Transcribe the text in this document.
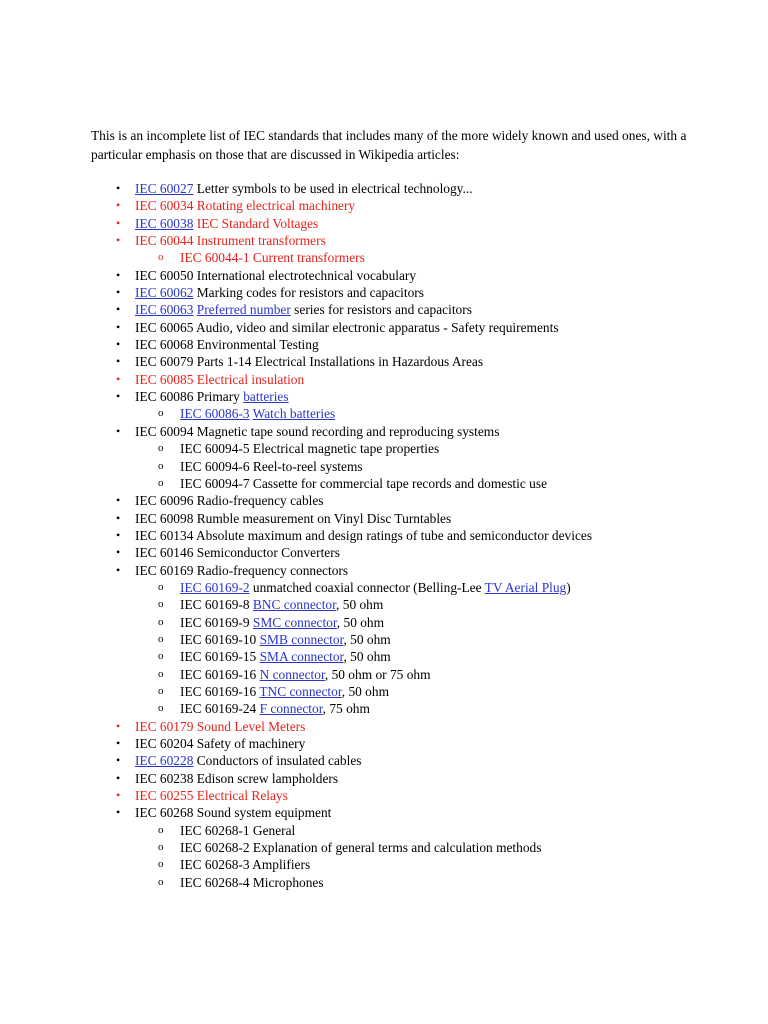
This is an incomplete list of IEC standards that includes many of the more widely known and used ones, with a particular emphasis on those that are discussed in Wikipedia articles:

• IEC 60027 Letter symbols to be used in electrical technology...
• IEC 60034 Rotating electrical machinery
• IEC 60038 IEC Standard Voltages
• IEC 60044 Instrument transformers
o IEC 60044-1 Current transformers
• IEC 60050 International electrotechnical vocabulary
• IEC 60062 Marking codes for resistors and capacitors
• IEC 60063 Preferred number series for resistors and capacitors
• IEC 60065 Audio, video and similar electronic apparatus - Safety requirements
• IEC 60068 Environmental Testing
• IEC 60079 Parts 1-14 Electrical Installations in Hazardous Areas
• IEC 60085 Electrical insulation
• IEC 60086 Primary batteries
o IEC 60086-3 Watch batteries
• IEC 60094 Magnetic tape sound recording and reproducing systems
o IEC 60094-5 Electrical magnetic tape properties
o IEC 60094-6 Reel-to-reel systems
o IEC 60094-7 Cassette for commercial tape records and domestic use
• IEC 60096 Radio-frequency cables
• IEC 60098 Rumble measurement on Vinyl Disc Turntables
• IEC 60134 Absolute maximum and design ratings of tube and semiconductor devices
• IEC 60146 Semiconductor Converters
• IEC 60169 Radio-frequency connectors
o IEC 60169-2 unmatched coaxial connector (Belling-Lee TV Aerial Plug)
o IEC 60169-8 BNC connector, 50 ohm
o IEC 60169-9 SMC connector, 50 ohm
o IEC 60169-10 SMB connector, 50 ohm
o IEC 60169-15 SMA connector, 50 ohm
o IEC 60169-16 N connector, 50 ohm or 75 ohm
o IEC 60169-16 TNC connector, 50 ohm
o IEC 60169-24 F connector, 75 ohm
• IEC 60179 Sound Level Meters
• IEC 60204 Safety of machinery
• IEC 60228 Conductors of insulated cables
• IEC 60238 Edison screw lampholders
• IEC 60255 Electrical Relays
• IEC 60268 Sound system equipment
o IEC 60268-1 General
o IEC 60268-2 Explanation of general terms and calculation methods
o IEC 60268-3 Amplifiers
o IEC 60268-4 Microphones
